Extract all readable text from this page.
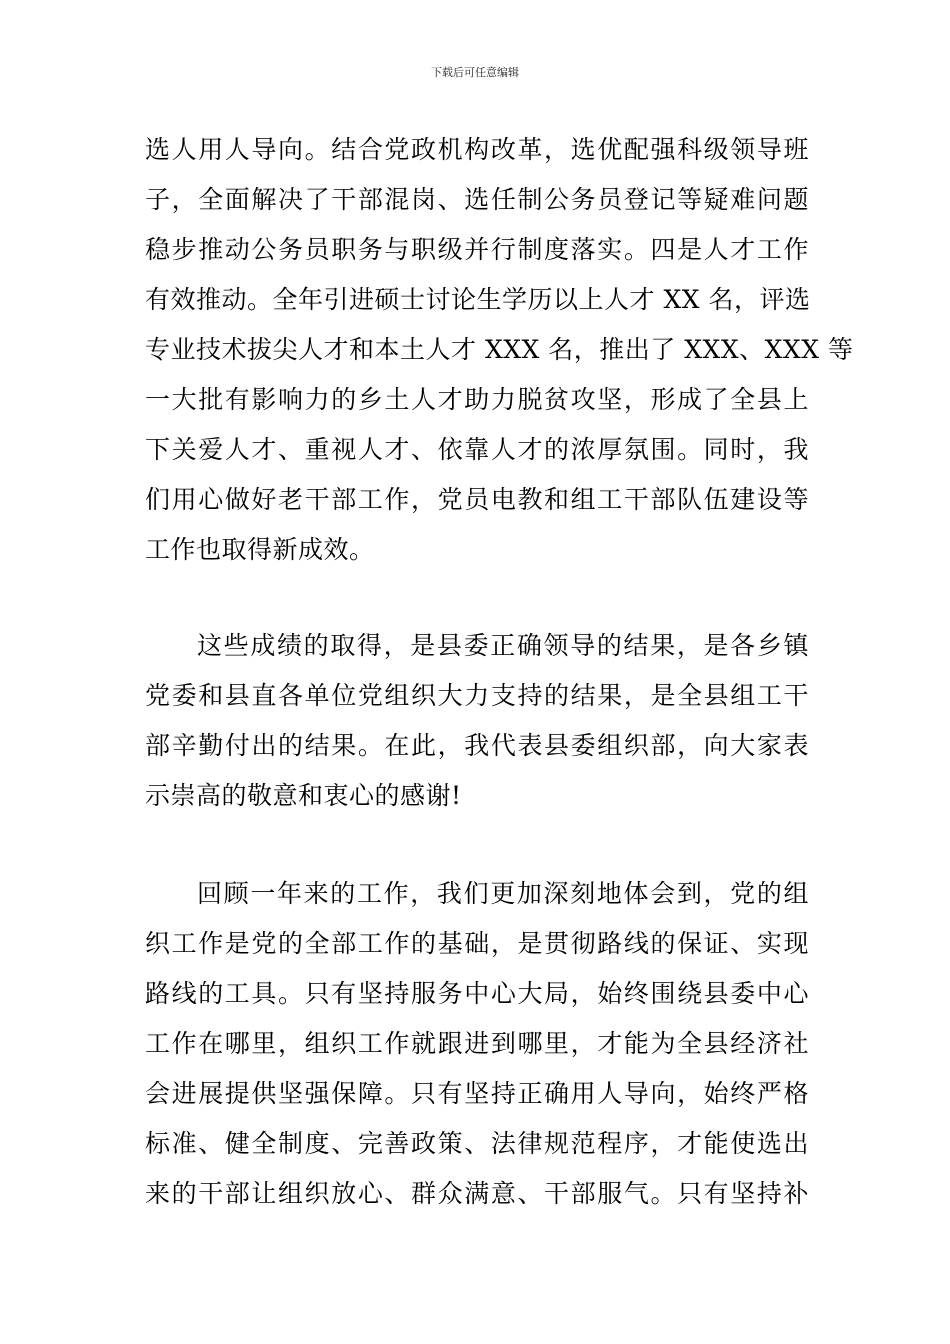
下载后可任意编辑
选人用人导向。结合党政机构改革，选优配强科级领导班
子，全面解决了干部混岗、选任制公务员登记等疑难问题
稳步推动公务员职务与职级并行制度落实。四是人才工作
有效推动。全年引进硕士讨论生学历以上人才 XX 名，评选
专业技术拔尖人才和本土人才 XXX 名，推出了 XXX、XXX 等
一大批有影响力的乡土人才助力脱贫攻坚，形成了全县上
下关爱人才、重视人才、依靠人才的浓厚氛围。同时，我
们用心做好老干部工作，党员电教和组工干部队伍建设等
工作也取得新成效。
这些成绩的取得，是县委正确领导的结果，是各乡镇
党委和县直各单位党组织大力支持的结果，是全县组工干
部辛勤付出的结果。在此，我代表县委组织部，向大家表
示崇高的敬意和衷心的感谢!
回顾一年来的工作，我们更加深刻地体会到，党的组
织工作是党的全部工作的基础，是贯彻路线的保证、实现
路线的工具。只有坚持服务中心大局，始终围绕县委中心
工作在哪里，组织工作就跟进到哪里，才能为全县经济社
会进展提供坚强保障。只有坚持正确用人导向，始终严格
标准、健全制度、完善政策、法律规范程序，才能使选出
来的干部让组织放心、群众满意、干部服气。只有坚持补
